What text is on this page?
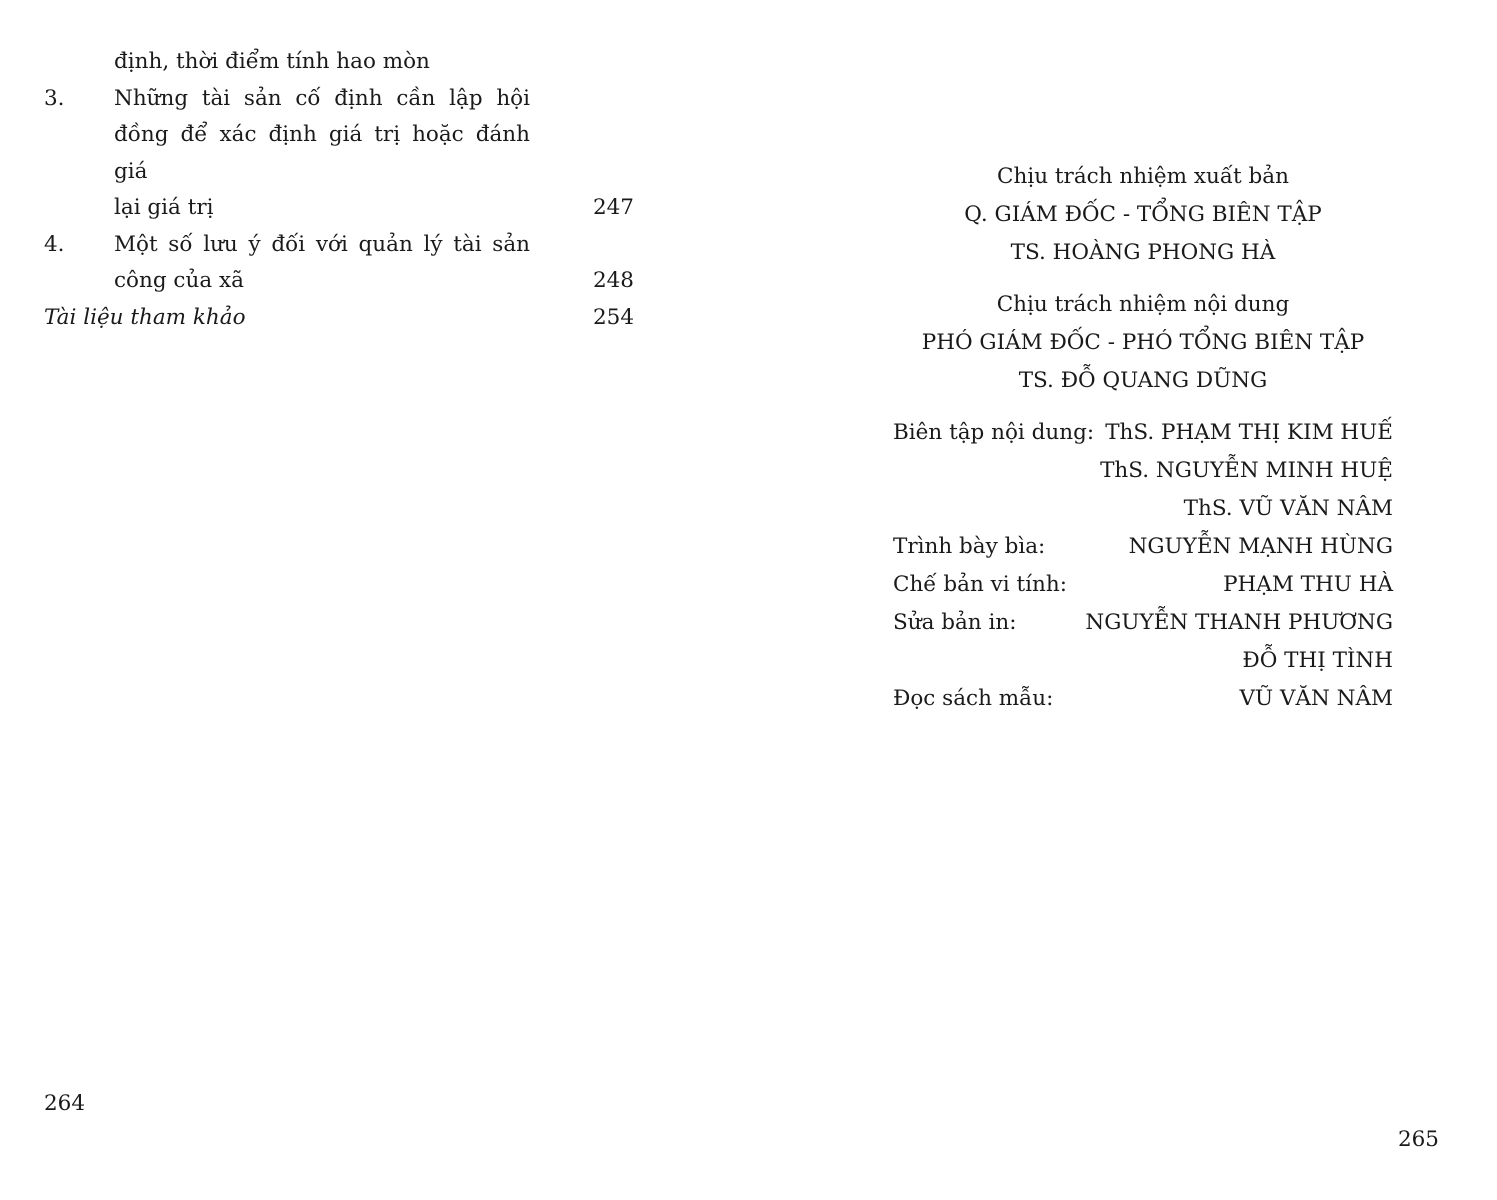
định, thời điểm tính hao mòn
3.	Những tài sản cố định cần lập hội
đồng để xác định giá trị hoặc đánh giá
lại giá trị	247
4.	Một số lưu ý đối với quản lý tài sản
công của xã	248
Tài liệu tham khảo	254
264
Chịu trách nhiệm xuất bản
Q. GIÁM ĐỐC - TỔNG BIÊN TẬP
TS. HOÀNG PHONG HÀ
Chịu trách nhiệm nội dung
PHÓ GIÁM ĐỐC - PHÓ TỔNG BIÊN TẬP
TS. ĐỖ QUANG DŨNG
Biên tập nội dung: ThS. PHẠM THỊ KIM HUẾ
ThS. NGUYỄN MINH HUỆ
ThS. VŨ VĂN NÂM
Trình bày bìa:	NGUYỄN MẠNH HÙNG
Chế bản vi tính:	PHẠM THU HÀ
Sửa bản in:	NGUYỄN THANH PHƯƠNG
ĐỖ THỊ TÌNH
Đọc sách mẫu:	VŨ VĂN NÂM
265
